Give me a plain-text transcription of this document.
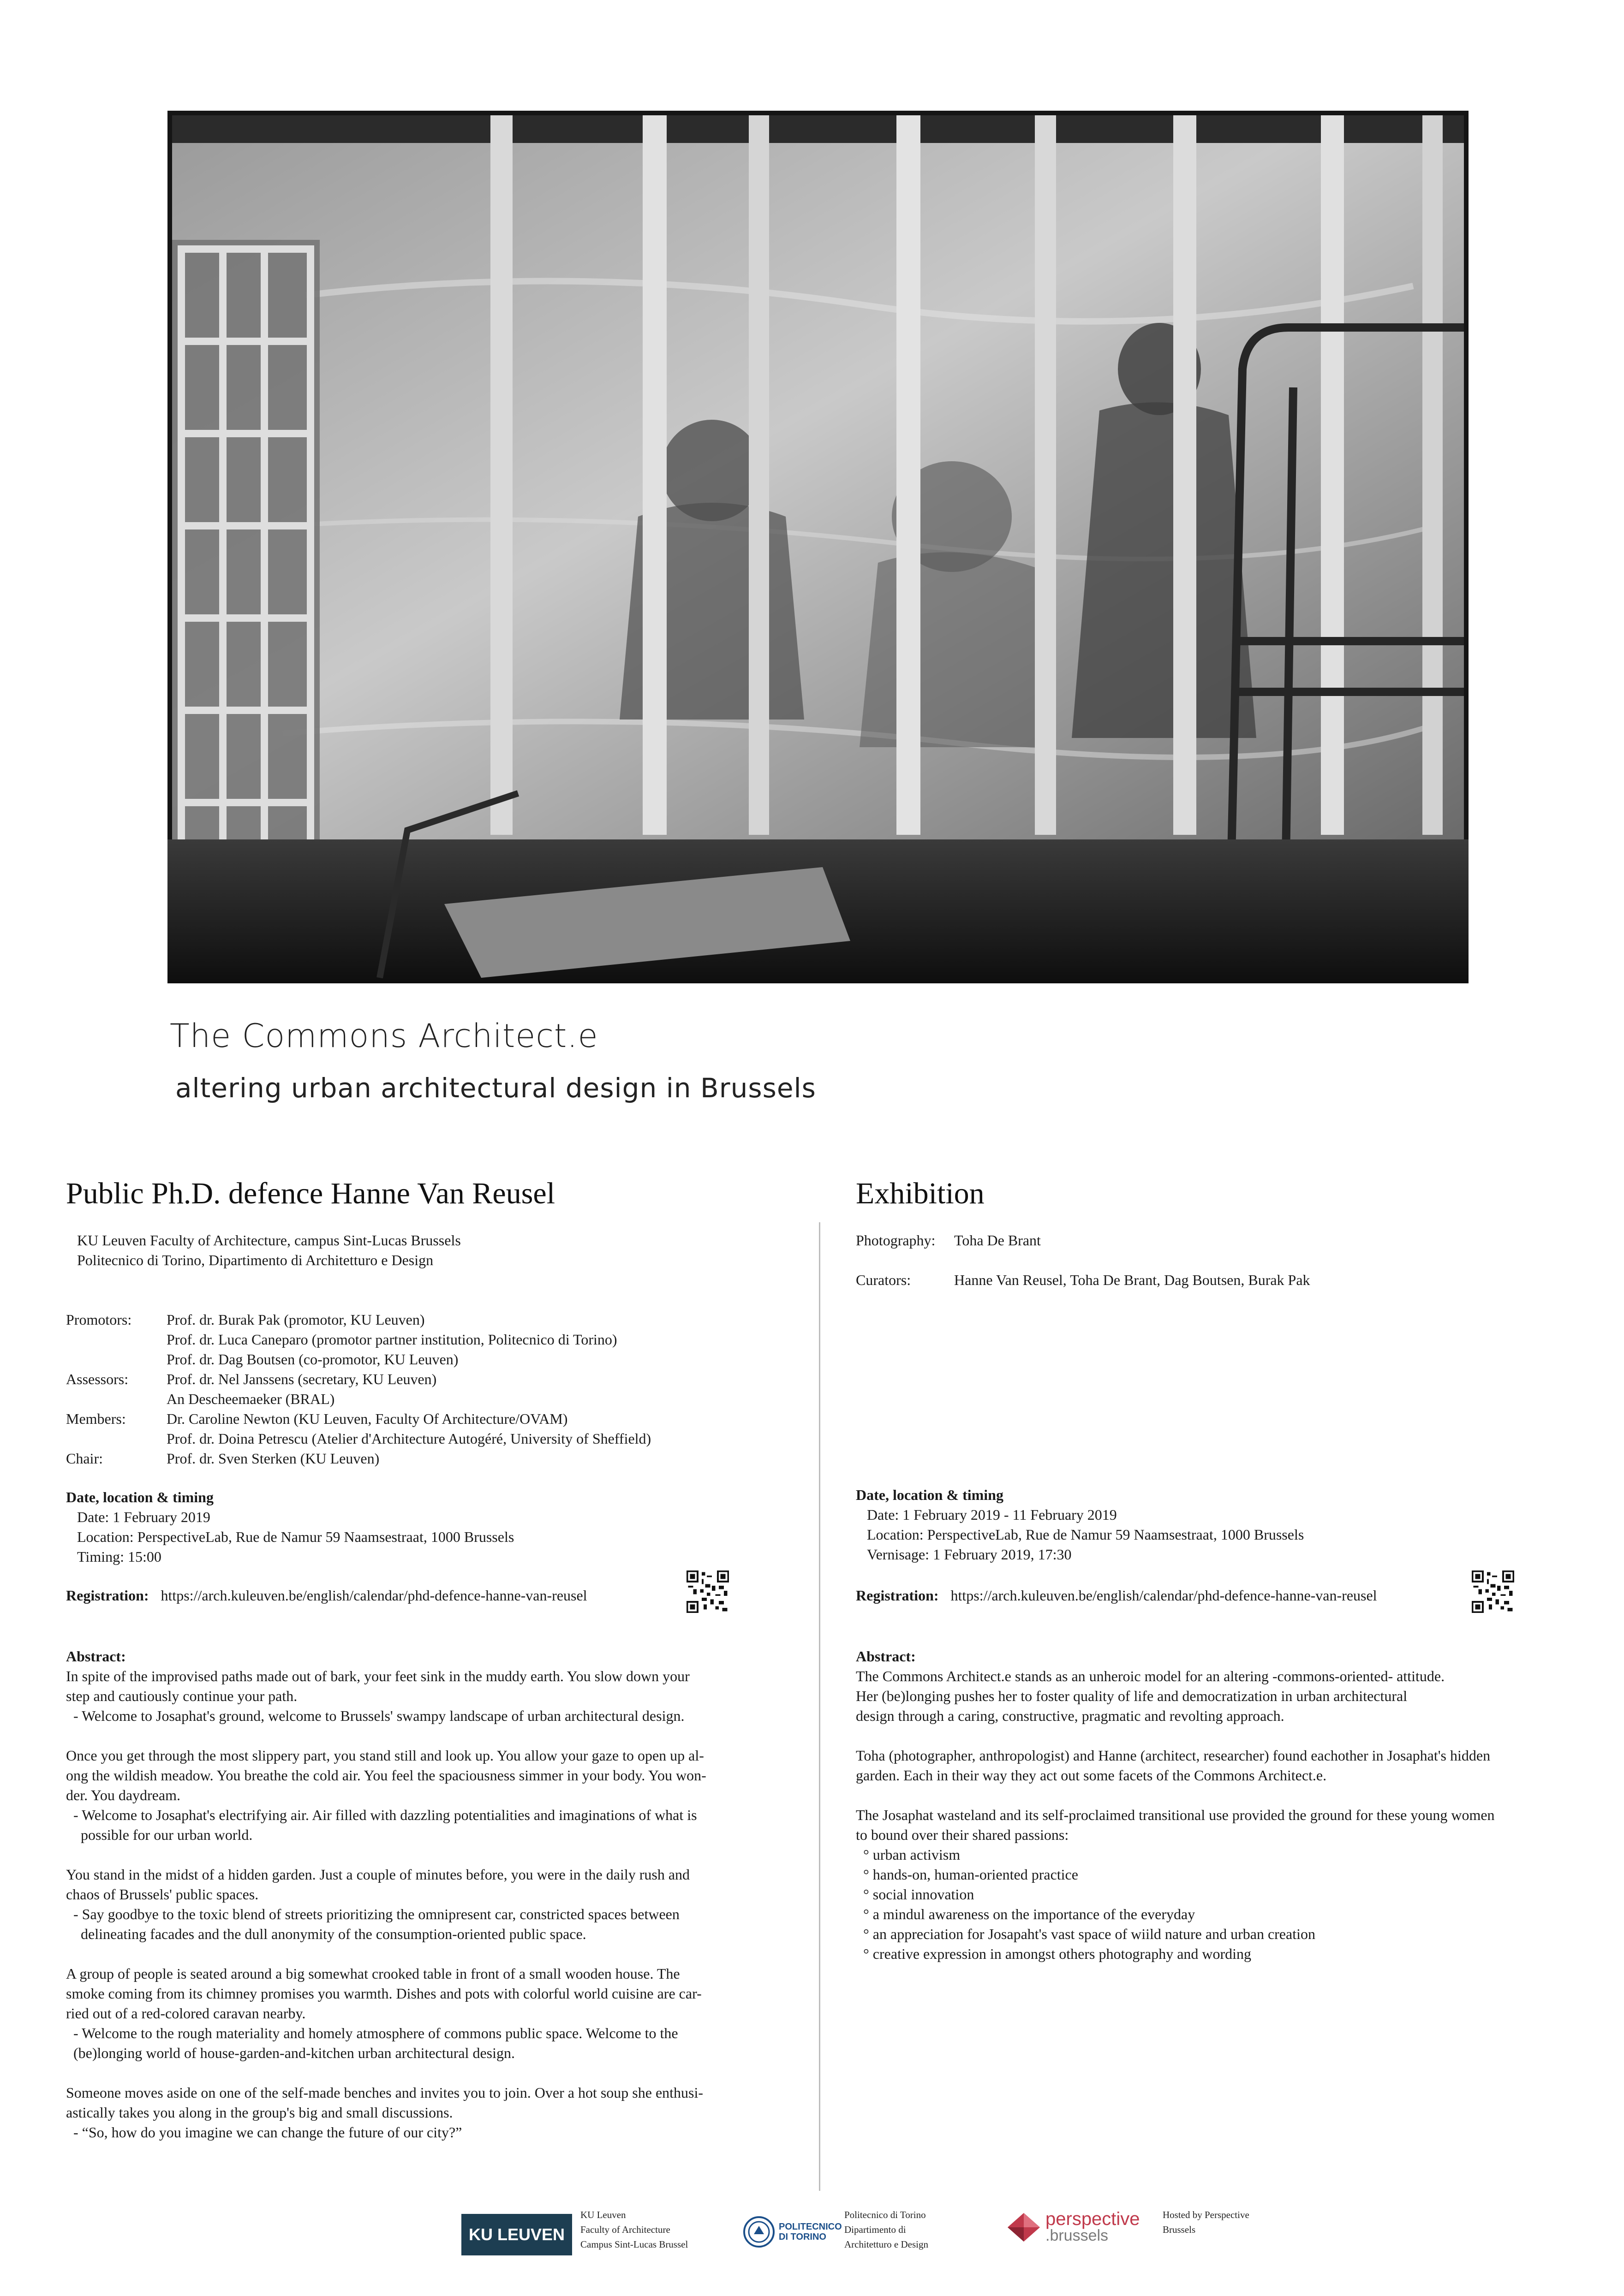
The Commons Architect.e
altering urban architectural design in Brussels
Public Ph.D. defence Hanne Van Reusel

KU Leuven Faculty of Architecture, campus Sint-Lucas Brussels

Politecnico di Torino, Dipartimento di Architetturo e Design

Promotors: Prof. dr. Burak Pak (promotor, KU Leuven)
Prof. dr. Luca Caneparo (promotor partner institution, Politecnico di Torino)
Prof. dr. Dag Boutsen (co-promotor, KU Leuven)
Assessors:	Prof. dr. Nel Janssens (secretary, KU Leuven)
An Descheemaeker (BRAL)
Members:	Dr. Caroline Newton (KU Leuven, Faculty Of Architecture/OVAM)
Prof. dr. Doina Petrescu (Atelier d'Architecture Autogéré, University of Sheffield)
Chair:	Prof. dr. Sven Sterken (KU Leuven)

Date, location & timing

Date: 1 February 2019

Location: PerspectiveLab, Rue de Namur 59 Naamsestraat, 1000 Brussels

Timing: 15:00

Registration: https://arch.kuleuven.be/english/calendar/phd-defence-hanne-van-reusel

Abstract:

In spite of the improvised paths made out of bark, your feet sink in the muddy earth. You slow down your

step and cautiously continue your path.

- Welcome to Josaphat's ground, welcome to Brussels' swampy landscape of urban architectural design.

Once you get through the most slippery part, you stand still and look up. You allow your gaze to open up al-

ong the wildish meadow. You breathe the cold air. You feel the spaciousness simmer in your body. You won-

der. You daydream.

- Welcome to Josaphat's electrifying air. Air filled with dazzling potentialities and imaginations of what is

possible for our urban world.

You stand in the midst of a hidden garden. Just a couple of minutes before, you were in the daily rush and

chaos of Brussels' public spaces.

- Say goodbye to the toxic blend of streets prioritizing the omnipresent car, constricted spaces between

delineating facades and the dull anonymity of the consumption-oriented public space.

A group of people is seated around a big somewhat crooked table in front of a small wooden house. The

smoke coming from its chimney promises you warmth. Dishes and pots with colorful world cuisine are car-

ried out of a red-colored caravan nearby.

- Welcome to the rough materiality and homely atmosphere of commons public space. Welcome to the

(be)longing world of house-garden-and-kitchen urban architectural design.

Someone moves aside on one of the self-made benches and invites you to join. Over a hot soup she enthusi-

astically takes you along in the group's big and small discussions.

- “So, how do you imagine we can change the future of our city?”

Exhibition
Photography: Toha De Brant
Curators:	Hanne Van Reusel, Toha De Brant, Dag Boutsen, Burak Pak

Date, location & timing

Date: 1 February 2019 - 11 February 2019

Location: PerspectiveLab, Rue de Namur 59 Naamsestraat, 1000 Brussels

Vernisage: 1 February 2019, 17:30

Registration: https://arch.kuleuven.be/english/calendar/phd-defence-hanne-van-reusel

Abstract:

The Commons Architect.e stands as an unheroic model for an altering -commons-oriented- attitude.

Her (be)longing pushes her to foster quality of life and democratization in urban architectural

design through a caring, constructive, pragmatic and revolting approach.

Toha (photographer, anthropologist) and Hanne (architect, researcher) found eachother in Josaphat's hidden

garden. Each in their way they act out some facets of the Commons Architect.e.

The Josaphat wasteland and its self-proclaimed transitional use provided the ground for these young women

to bound over their shared passions:

° urban activism

° hands-on, human-oriented practice

° social innovation

° a mindul awareness on the importance of the everyday

° an appreciation for Josapaht's vast space of wiild nature and urban creation

° creative expression in amongst others photography and wording

KU LEUVEN

KU Leuven

Faculty of Architecture

Campus Sint-Lucas Brussel

POLITECNICO

DI TORINO

Politecnico di Torino

Dipartimento di

Architetturo e Design

perspective

.brussels

Hosted by Perspective

Brussels
